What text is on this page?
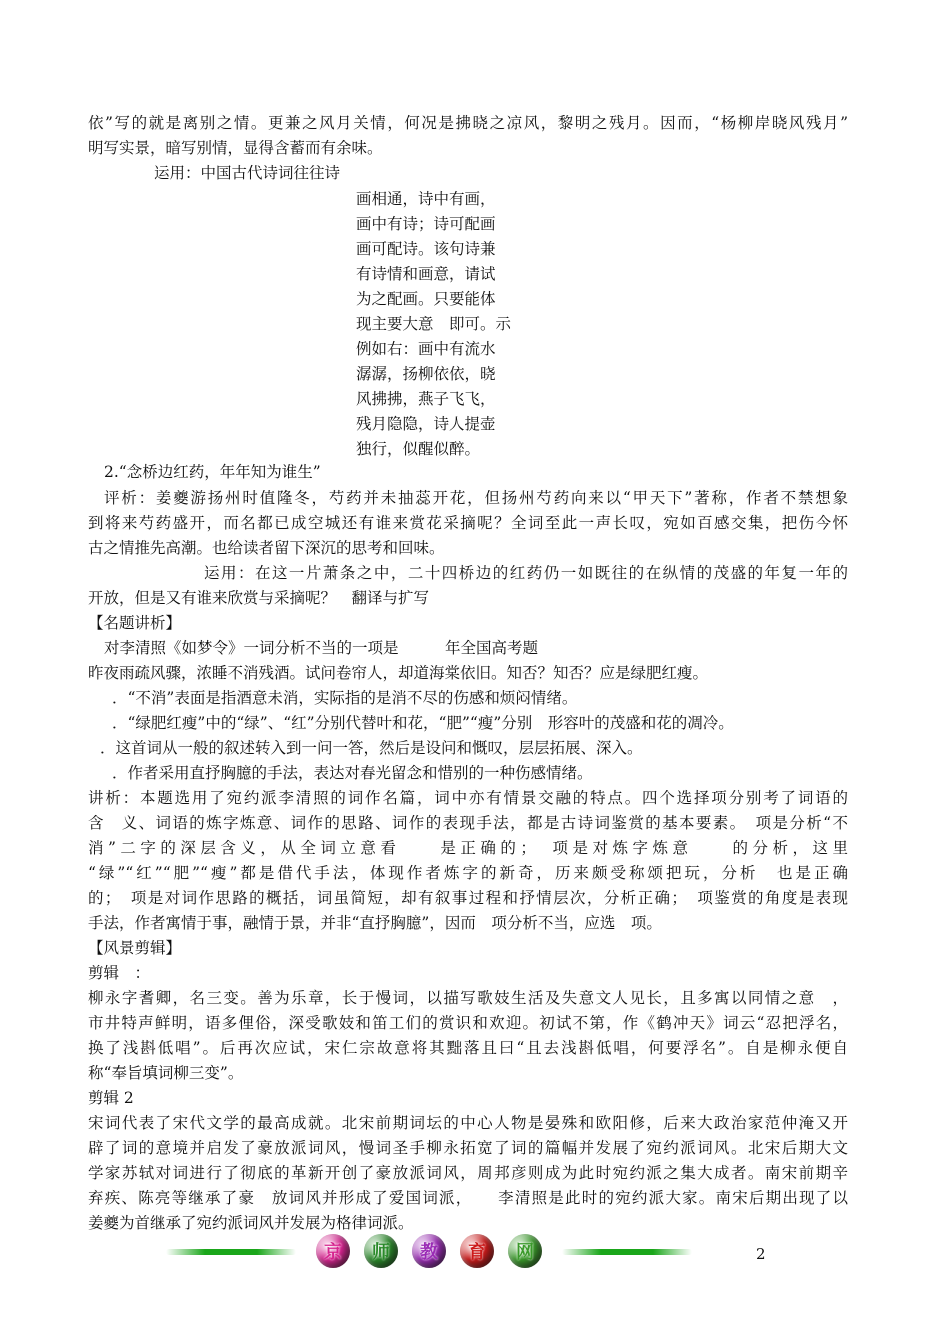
依”写的就是离别之情。更兼之风月关情，何况是拂晓之凉风，黎明之残月。因而，“杨柳岸晓风残月”
明写实景，暗写别情，显得含蓄而有余味。
运用：中国古代诗词往往诗
画相通，诗中有画，
画中有诗；诗可配画
画可配诗。该句诗兼
有诗情和画意，请试
为之配画。只要能体
现主要大意　即可。示
例如右：画中有流水
潺潺，扬柳依依，晓
风拂拂，燕子飞飞，
残月隐隐，诗人提壶
独行，似醒似醉。
2.“念桥边红药，年年知为谁生”
评析：姜夔游扬州时值隆冬，芍药并未抽蕊开花，但扬州芍药向来以“甲天下”著称，作者不禁想象
到将来芍药盛开，而名都已成空城还有谁来赏花采摘呢？全词至此一声长叹，宛如百感交集，把伤今怀
古之情推先高潮。也给读者留下深沉的思考和回味。
运用：在这一片萧条之中，二十四桥边的红药仍一如既往的在纵情的茂盛的年复一年的
开放，但是又有谁来欣赏与采摘呢？　翻译与扩写
【名题讲析】
对李清照《如梦令》一词分析不当的一项是　　　年全国高考题
昨夜雨疏风骤，浓睡不消残酒。试问卷帘人，却道海棠依旧。知否？知否？应是绿肥红瘦。
．“不消”表面是指酒意未消，实际指的是消不尽的伤感和烦闷情绪。
．“绿肥红瘦”中的“绿”、“红”分别代替叶和花，“肥”“瘦”分别　形容叶的茂盛和花的凋冷。
．这首词从一般的叙述转入到一问一答，然后是设问和慨叹，层层拓展、深入。
．作者采用直抒胸臆的手法，表达对春光留念和惜别的一种伤感情绪。
讲析：本题选用了宛约派李清照的词作名篇，词中亦有情景交融的特点。四个选择项分别考了词语的
含　义、词语的炼字炼意、词作的思路、词作的表现手法，都是古诗词鉴赏的基本要素。　项是分析“不
消”二字的深层含义，从全词立意看　　是正确的；　项是对炼字炼意　　的分析，这里
“绿”“红”“肥”“瘦”都是借代手法，体现作者炼字的新奇，历来颇受称颂把玩，分析　也是正确
的；　项是对词作思路的概括，词虽简短，却有叙事过程和抒情层次，分析正确；　项鉴赏的角度是表现
手法，作者寓情于事，融情于景，并非“直抒胸臆”，因而　项分析不当，应选　项。
【风景剪辑】
剪辑　：
柳永字耆卿，名三变。善为乐章，长于慢词，以描写歌妓生活及失意文人见长，且多寓以同情之意　，
市井特声鲜明，语多俚俗，深受歌妓和笛工们的赏识和欢迎。初试不第，作《鹤冲天》词云“忍把浮名，
换了浅斟低唱”。后再次应试，宋仁宗故意将其黜落且曰“且去浅斟低唱，何要浮名”。自是柳永便自
称“奉旨填词柳三变”。
剪辑 2
宋词代表了宋代文学的最高成就。北宋前期词坛的中心人物是晏殊和欧阳修，后来大政治家范仲淹又开
辟了词的意境并启发了豪放派词风，慢词圣手柳永拓宽了词的篇幅并发展了宛约派词风。北宋后期大文
学家苏轼对词进行了彻底的革新开创了豪放派词风，周邦彦则成为此时宛约派之集大成者。南宋前期辛
弃疾、陈亮等继承了豪　放词风并形成了爱国词派，　　李清照是此时的宛约派大家。南宋后期出现了以
姜夔为首继承了宛约派词风并发展为格律词派。
京	师	教	育	网	2
